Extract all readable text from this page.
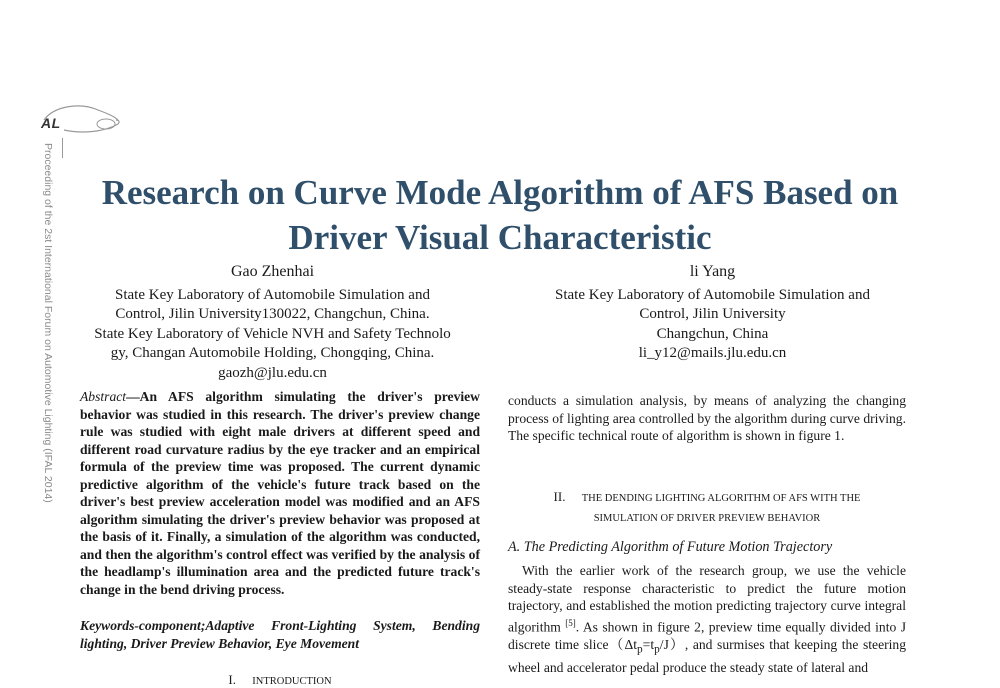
AL
Proceeding of the 2st International Forum on Automotive Lighting (IFAL 2014)	Research on Curve Mode Algorithm of AFS Based on Driver Visual Characteristic
Gao Zhenhai
State Key Laboratory of Automobile Simulation and
Control, Jilin University130022, Changchun, China.
State Key Laboratory of Vehicle NVH and Safety Technolo
gy, Changan Automobile Holding, Chongqing, China.
gaozh@jlu.edu.cn
li Yang
State Key Laboratory of Automobile Simulation and
Control, Jilin University
Changchun, China
li_y12@mails.jlu.edu.cn
Abstract—An AFS algorithm simulating the driver's preview behavior was studied in this research. The driver's preview change rule was studied with eight male drivers at different speed and different road curvature radius by the eye tracker and an empirical formula of the preview time was proposed. The current dynamic predictive algorithm of the vehicle's future track based on the driver's best preview acceleration model was modified and an AFS algorithm simulating the driver's preview behavior was proposed at the basis of it. Finally, a simulation of the algorithm was conducted, and then the algorithm's control effect was verified by the analysis of the headlamp's illumination area and the predicted future track's change in the bend driving process.
Keywords-component;Adaptive Front-Lighting System, Bending lighting, Driver Preview Behavior, Eye Movement
I. INTRODUCTION
conducts a simulation analysis, by means of analyzing the changing process of lighting area controlled by the algorithm during curve driving. The specific technical route of algorithm is shown in figure 1.
II. THE DENDING LIGHTING ALGORITHM OF AFS WITH THE
SIMULATION OF DRIVER PREVIEW BEHAVIOR
A. The Predicting Algorithm of Future Motion Trajectory
With the earlier work of the research group, we use the vehicle steady-state response characteristic to predict the future motion trajectory, and established the motion predicting trajectory curve integral algorithm [5]. As shown in figure 2, preview time equally divided into J discrete time $slice(\Delta t_p=t_p/J)$, and surmises that keeping the steering wheel and accelerator pedal produce the steady state of lateral and
